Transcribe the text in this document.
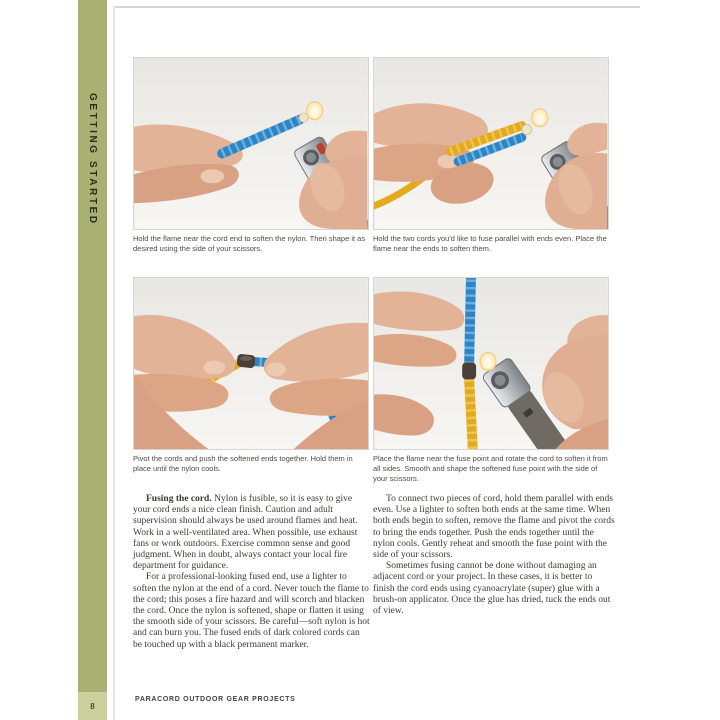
GETTING STARTED
8
Hold the flame near the cord end to soften the nylon. Then shape it as desired using the side of your scissors.
Hold the two cords you'd like to fuse parallel with ends even. Place the flame near the ends to soften them.
Pivot the cords and push the softened ends together. Hold them in place until the nylon cools.
Place the flame near the fuse point and rotate the cord to soften it from all sides. Smooth and shape the softened fuse point with the side of your scissors.

Fusing the cord. Nylon is fusible, so it is easy to give your cord ends a nice clean finish. Caution and adult supervision should always be used around flames and heat. Work in a well-ventilated area. When possible, use exhaust fans or work outdoors. Exercise common sense and good judgment. When in doubt, always contact your local fire department for guidance.

For a professional-looking fused end, use a lighter to soften the nylon at the end of a cord. Never touch the flame to the cord; this poses a fire hazard and will scorch and blacken the cord. Once the nylon is softened, shape or flatten it using the smooth side of your scissors. Be careful—soft nylon is hot and can burn you. The fused ends of dark colored cords can be touched up with a black permanent marker.

To connect two pieces of cord, hold them parallel with ends even. Use a lighter to soften both ends at the same time. When both ends begin to soften, remove the flame and pivot the cords to bring the ends together. Push the ends together until the nylon cools. Gently reheat and smooth the fuse point with the side of your scissors.

Sometimes fusing cannot be done without damaging an adjacent cord or your project. In these cases, it is better to finish the cord ends using cyanoacrylate (super) glue with a brush-on applicator. Once the glue has dried, tuck the ends out of view.

PARACORD OUTDOOR GEAR PROJECTS
